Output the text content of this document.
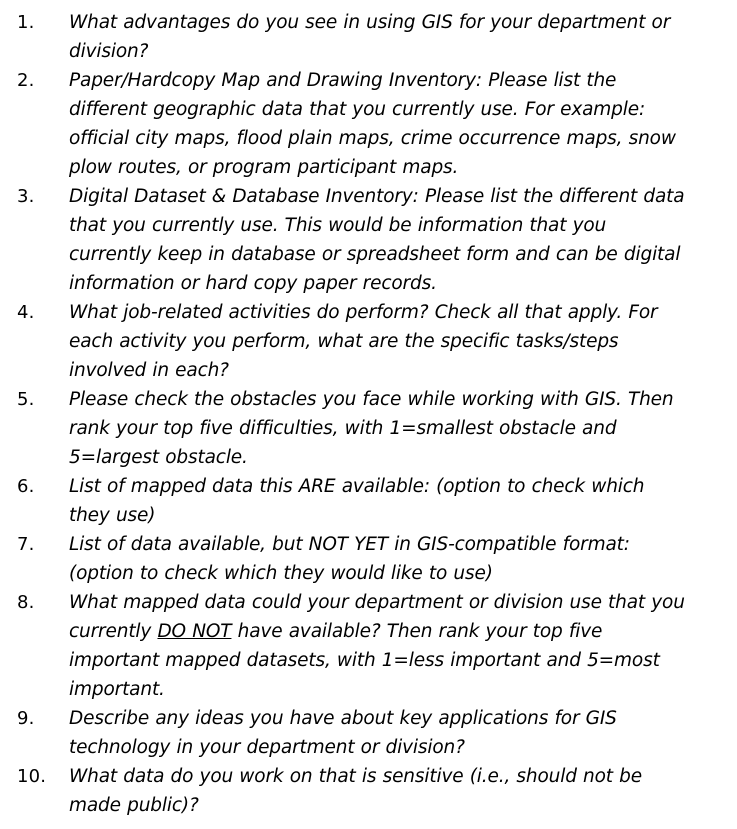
1.	What advantages do you see in using GIS for your department or
division?
2.	Paper/Hardcopy Map and Drawing Inventory: Please list the
different geographic data that you currently use. For example:
official city maps, flood plain maps, crime occurrence maps, snow
plow routes, or program participant maps.
3.	Digital Dataset & Database Inventory: Please list the different data
that you currently use. This would be information that you
currently keep in database or spreadsheet form and can be digital
information or hard copy paper records.
4.	What job-related activities do perform? Check all that apply. For
each activity you perform, what are the specific tasks/steps
involved in each?
5.	Please check the obstacles you face while working with GIS. Then
rank your top five difficulties, with 1=smallest obstacle and
5=largest obstacle.
6.	List of mapped data this ARE available: (option to check which
they use)
7.	List of data available, but NOT YET in GIS-compatible format:
(option to check which they would like to use)
8.	What mapped data could your department or division use that you
currently DO NOT have available? Then rank your top five
important mapped datasets, with 1=less important and 5=most
important.
9.	Describe any ideas you have about key applications for GIS
technology in your department or division?
10.	What data do you work on that is sensitive (i.e., should not be
made public)?
